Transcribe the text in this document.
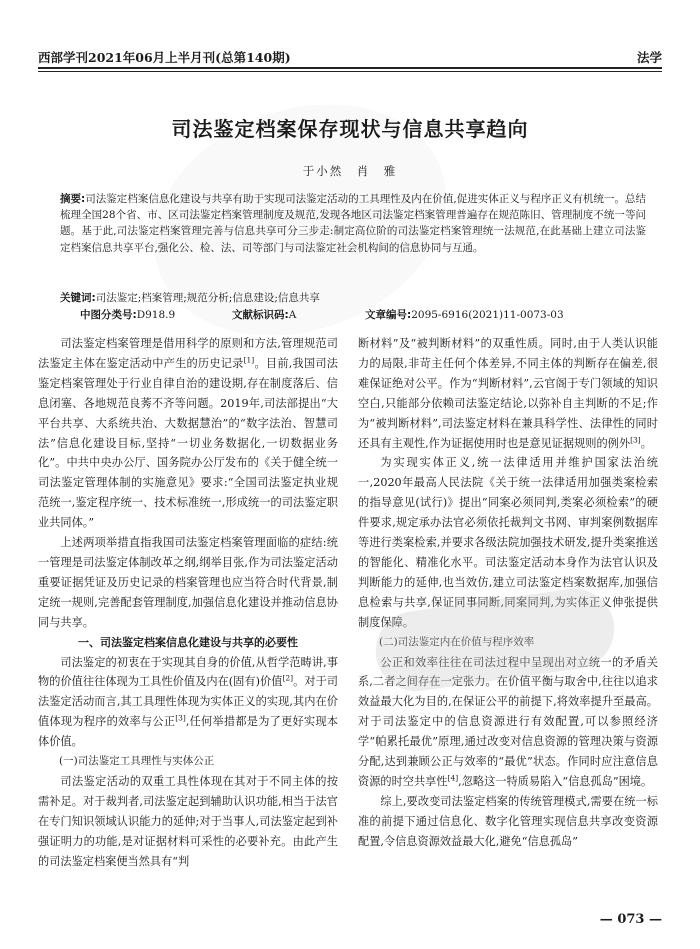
西部学刊2021年06月上半月刊(总第140期)	法学
司法鉴定档案保存现状与信息共享趋向
于小然　肖　雅
摘要:司法鉴定档案信息化建设与共享有助于实现司法鉴定活动的工具理性及内在价值,促进实体正义与程序正义有机统一。总结梳理全国28个省、市、区司法鉴定档案管理制度及规范,发现各地区司法鉴定档案管理普遍存在规范陈旧、管理制度不统一等问题。基于此,司法鉴定档案管理完善与信息共享可分三步走:制定高位阶的司法鉴定档案管理统一法规范,在此基础上建立司法鉴定档案信息共享平台,强化公、检、法、司等部门与司法鉴定社会机构间的信息协同与互通。
关键词:司法鉴定;档案管理;规范分析;信息建设;信息共享
中图分类号:D918.9	文献标识码:A	文章编号:2095-6916(2021)11-0073-03

司法鉴定档案管理是借用科学的原则和方法,管理规范司法鉴定主体在鉴定活动中产生的历史记录[1]。目前,我国司法鉴定档案管理处于行业自律自治的建设期,存在制度落后、信息闭塞、各地规范良莠不齐等问题。2019年,司法部提出“大平台共享、大系统共治、大数据慧治”的“数字法治、智慧司法”信息化建设目标,坚持“一切业务数据化,一切数据业务化”。中共中央办公厅、国务院办公厅发布的《关于健全统一司法鉴定管理体制的实施意见》要求:“全国司法鉴定执业规范统一,鉴定程序统一、技术标准统一,形成统一的司法鉴定职业共同体。”

上述两项举措直指我国司法鉴定档案管理面临的症结:统一管理是司法鉴定体制改革之纲,纲举目张,作为司法鉴定活动重要证据凭证及历史记录的档案管理也应当符合时代背景,制定统一规则,完善配套管理制度,加强信息化建设并推动信息协同与共享。

一、司法鉴定档案信息化建设与共享的必要性

司法鉴定的初衷在于实现其自身的价值,从哲学范畴讲,事物的价值往往体现为工具性价值及内在(固有)价值[2]。对于司法鉴定活动而言,其工具理性体现为实体正义的实现,其内在价值体现为程序的效率与公正[3],任何举措都是为了更好实现本体价值。

(一)司法鉴定工具理性与实体公正

司法鉴定活动的双重工具性体现在其对于不同主体的按需补足。对于裁判者,司法鉴定起到辅助认识功能,相当于法官在专门知识领域认识能力的延伸;对于当事人,司法鉴定起到补强证明力的功能,是对证据材料可采性的必要补充。由此产生的司法鉴定档案便当然具有“判

断材料”及“被判断材料”的双重性质。同时,由于人类认识能力的局限,非苛主任何个体差异,不同主体的判断存在偏差,很难保证绝对公平。作为“判断材料”,云官阁于专门领域的知识空白,只能部分依赖司法鉴定结论,以弥补自主判断的不足;作为“被判断材料”,司法鉴定材料在兼具科学性、法律性的同时还具有主观性,作为证据使用时也是意见证据规则的例外[3]。

为实现实体正义,统一法律适用并维护国家法治统一,2020年最高人民法院《关于统一法律适用加强类案检索的指导意见(试行)》提出“同案必须同判,类案必须检索”的硬件要求,规定承办法官必须依托裁判文书网、审判案例数据库等进行类案检索,并要求各级法院加强技术研发,提升类案推送的智能化、精准化水平。司法鉴定活动本身作为法官认识及判断能力的延伸,也当效仿,建立司法鉴定档案数据库,加强信息检索与共享,保证同事同断,同案同判,为实体正义伸张提供制度保障。

(二)司法鉴定内在价值与程序效率

公正和效率往往在司法过程中呈现出对立统一的矛盾关系,二者之间存在一定张力。在价值平衡与取舍中,往往以追求效益最大化为目的,在保证公平的前提下,将效率提升至最高。对于司法鉴定中的信息资源进行有效配置,可以参照经济学“帕累托最优”原理,通过改变对信息资源的管理决策与资源分配,达到兼顾公正与效率的“最优”状态。作同时应注意信息资源的时空共享性[4],忽略这一特质易陷入“信息孤岛”困境。

综上,要改变司法鉴定档案的传统管理模式,需要在统一标准的前提下通过信息化、数字化管理实现信息共享改变资源配置,令信息资源效益最大化,避免“信息孤岛”

— 073 —
